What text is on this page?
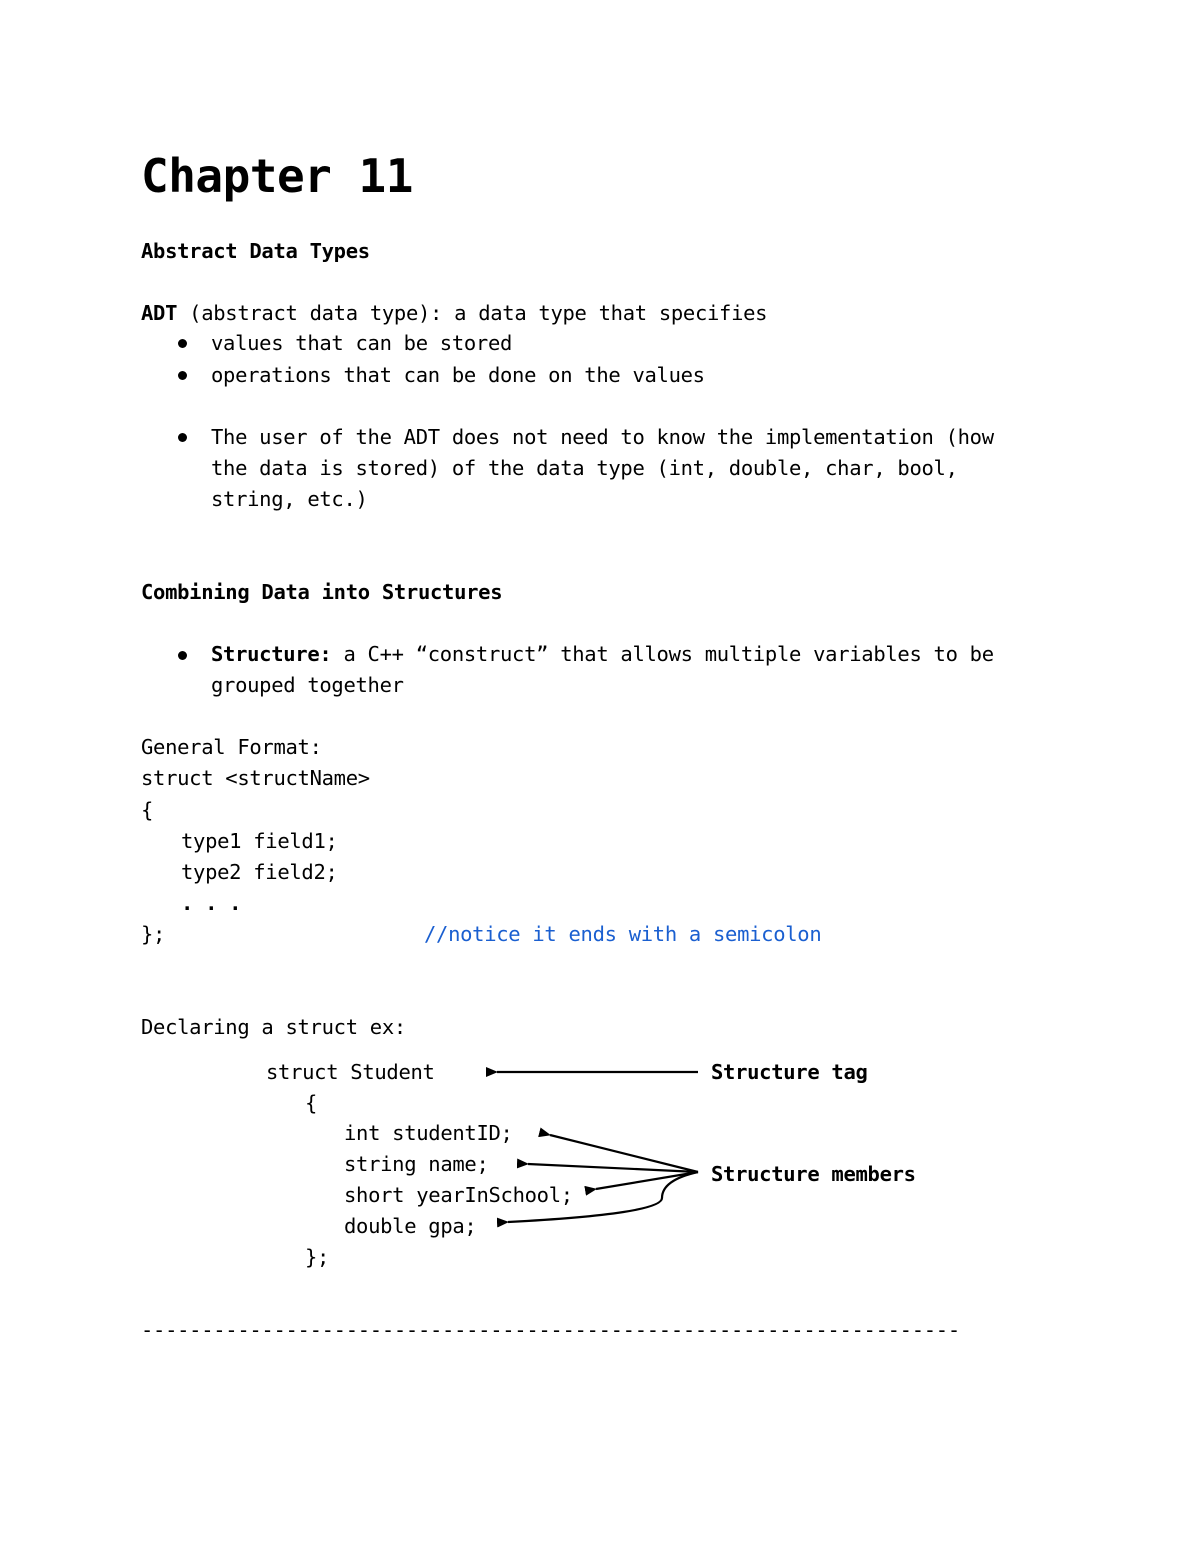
Chapter 11
Abstract Data Types
ADT (abstract data type): a data type that specifies
values that can be stored
operations that can be done on the values
The user of the ADT does not need to know the implementation (how
the data is stored) of the data type (int, double, char, bool,
string, etc.)
Combining Data into Structures
Structure: a C++ “construct” that allows multiple variables to be
grouped together
General Format:
struct <structName>
{
type1 field1;
type2 field2;
. . .
};	//notice it ends with a semicolon
Declaring a struct ex:
struct Student
{
int studentID;
string name;
short yearInSchool;
double gpa;
};
Structure tag
Structure members
--------------------------------------------------------------------
